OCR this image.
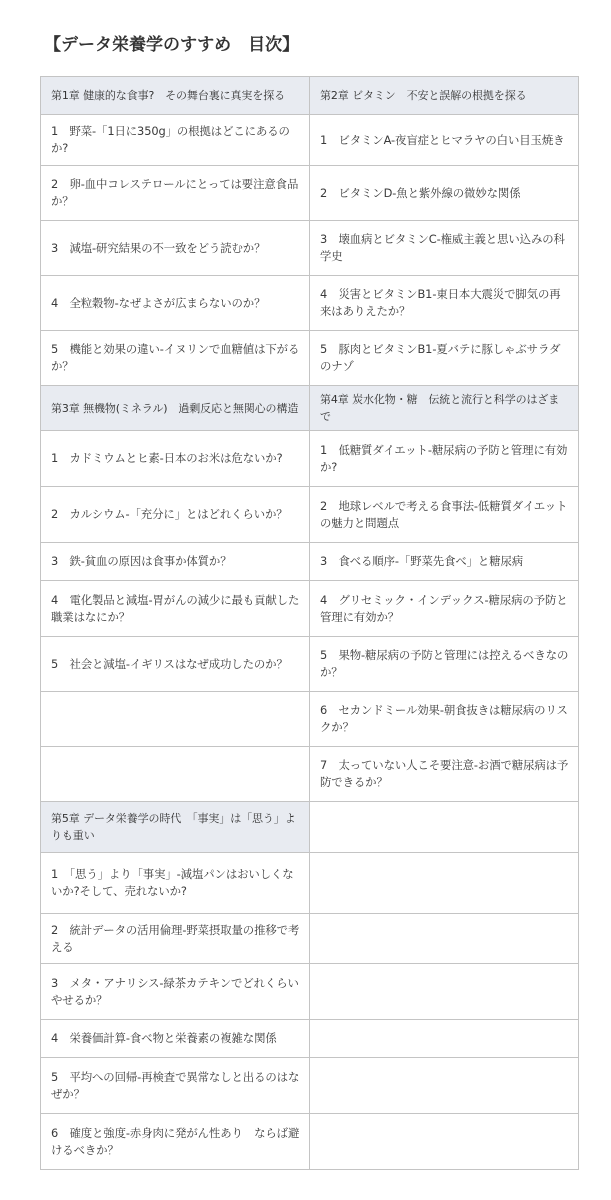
【データ栄養学のすすめ　目次】
第1章 健康的な食事?　その舞台裏に真実を探る	第2章 ビタミン　不安と誤解の根拠を探る
1　野菜-「1日に350g」の根拠はどこにあるのか?	1　ビタミンA-夜盲症とヒマラヤの白い目玉焼き
2　卵-血中コレステロールにとっては要注意食品か？	2　ビタミンD-魚と紫外線の微妙な関係
3　減塩-研究結果の不一致をどう読むか？	3　壊血病とビタミンC-権威主義と思い込みの科学史
4　全粒穀物-なぜよさが広まらないのか？	4　災害とビタミンB1-東日本大震災で脚気の再来はありえたか？
5　機能と効果の違い-イヌリンで血糖値は下がるか？	5　豚肉とビタミンB1-夏バテに豚しゃぶサラダのナゾ
第3章 無機物(ミネラル)　過剰反応と無関心の構造	第4章 炭水化物・糖　伝統と流行と科学のはざまで
1　カドミウムとヒ素-日本のお米は危ないか?	1　低糖質ダイエット-糖尿病の予防と管理に有効か?
2　カルシウム-「充分に」とはどれくらいか？	2　地球レベルで考える食事法-低糖質ダイエットの魅力と問題点
3　鉄-貧血の原因は食事か体質か？	3　食べる順序-「野菜先食べ」と糖尿病
4　電化製品と減塩-胃がんの減少に最も貢献した職業はなにか？	4　グリセミック・インデックス-糖尿病の予防と管理に有効か？
5　社会と減塩-イギリスはなぜ成功したのか？	5　果物-糖尿病の予防と管理には控えるべきなのか？
	6　セカンドミール効果-朝食抜きは糖尿病のリスクか？
	7　太っていない人こそ要注意-お酒で糖尿病は予防できるか？
第5章 データ栄養学の時代　「事実」は「思う」よりも重い	
1　「思う」より「事実」-減塩パンはおいしくないか?そして、売れないか?	
2　統計データの活用倫理-野菜摂取量の推移で考える	
3　メタ・アナリシス-緑茶カテキンでどれくらいやせるか？	
4　栄養価計算-食べ物と栄養素の複雑な関係	
5　平均への回帰-再検査で異常なしと出るのはなぜか？	
6　確度と強度-赤身肉に発がん性あり　ならば避けるべきか？	
